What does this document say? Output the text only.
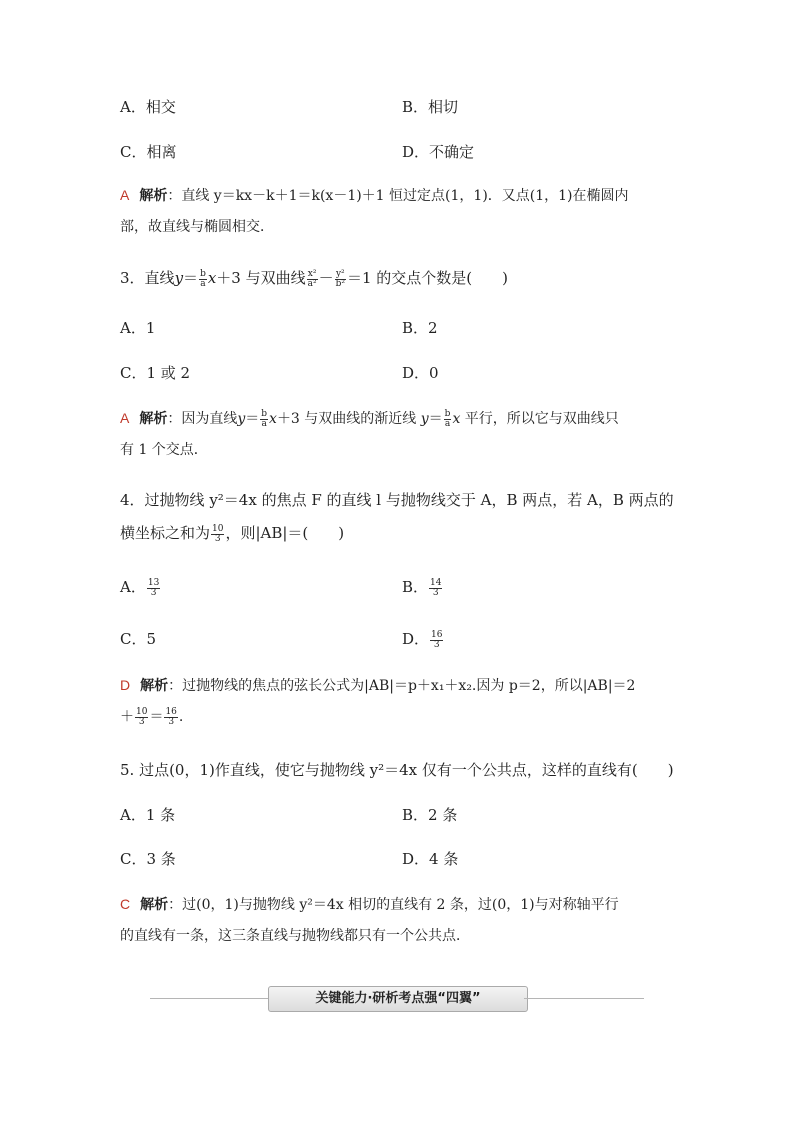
A．相交	B．相切
C．相离	D．不确定
A 解析：直线 y＝kx－k＋1＝k(x－1)＋1 恒过定点(1，1)．又点(1，1)在椭圆内
部，故直线与椭圆相交．
3．直线$y= \frac{b}{a} x+3$ 与双曲线 $\frac{\text{x²}}{\text{a²}} - \frac{\text{y²}}{\text{b²}} =1$ 的交点个数是(　　)
A．1	B．2
C．1 或 2	D．0
A 解析：因为直线$y= \frac{b}{a} x+3$ 与双曲线的渐近线 $y= \frac{b}{a}$ x 平行，所以它与双曲线只
有 1 个交点．
4．过抛物线 y²＝4x 的焦点 F 的直线 l 与抛物线交于 A，B 两点，若 A，B 两点的
横坐标之和为 $\frac{10}{3}$ ，则|AB|＝(　　)
A． $\frac{13}{3}$	B． $\frac{14}{3}$
C．5	D． $\frac{16}{3}$
D 解析：过抛物线的焦点的弦长公式为|AB|＝p＋x₁＋x₂.因为 p＝2，所以|AB|＝2
＋ $\frac{10}{3} = \frac{16}{3}$ .
5. 过点(0，1)作直线，使它与抛物线 y²＝4x 仅有一个公共点，这样的直线有(　　)
A．1 条	B．2 条
C．3 条	D．4 条
C 解析：过(0，1)与抛物线 y²＝4x 相切的直线有 2 条，过(0，1)与对称轴平行
的直线有一条，这三条直线与抛物线都只有一个公共点．
关键能力·研析考点强“四翼”
